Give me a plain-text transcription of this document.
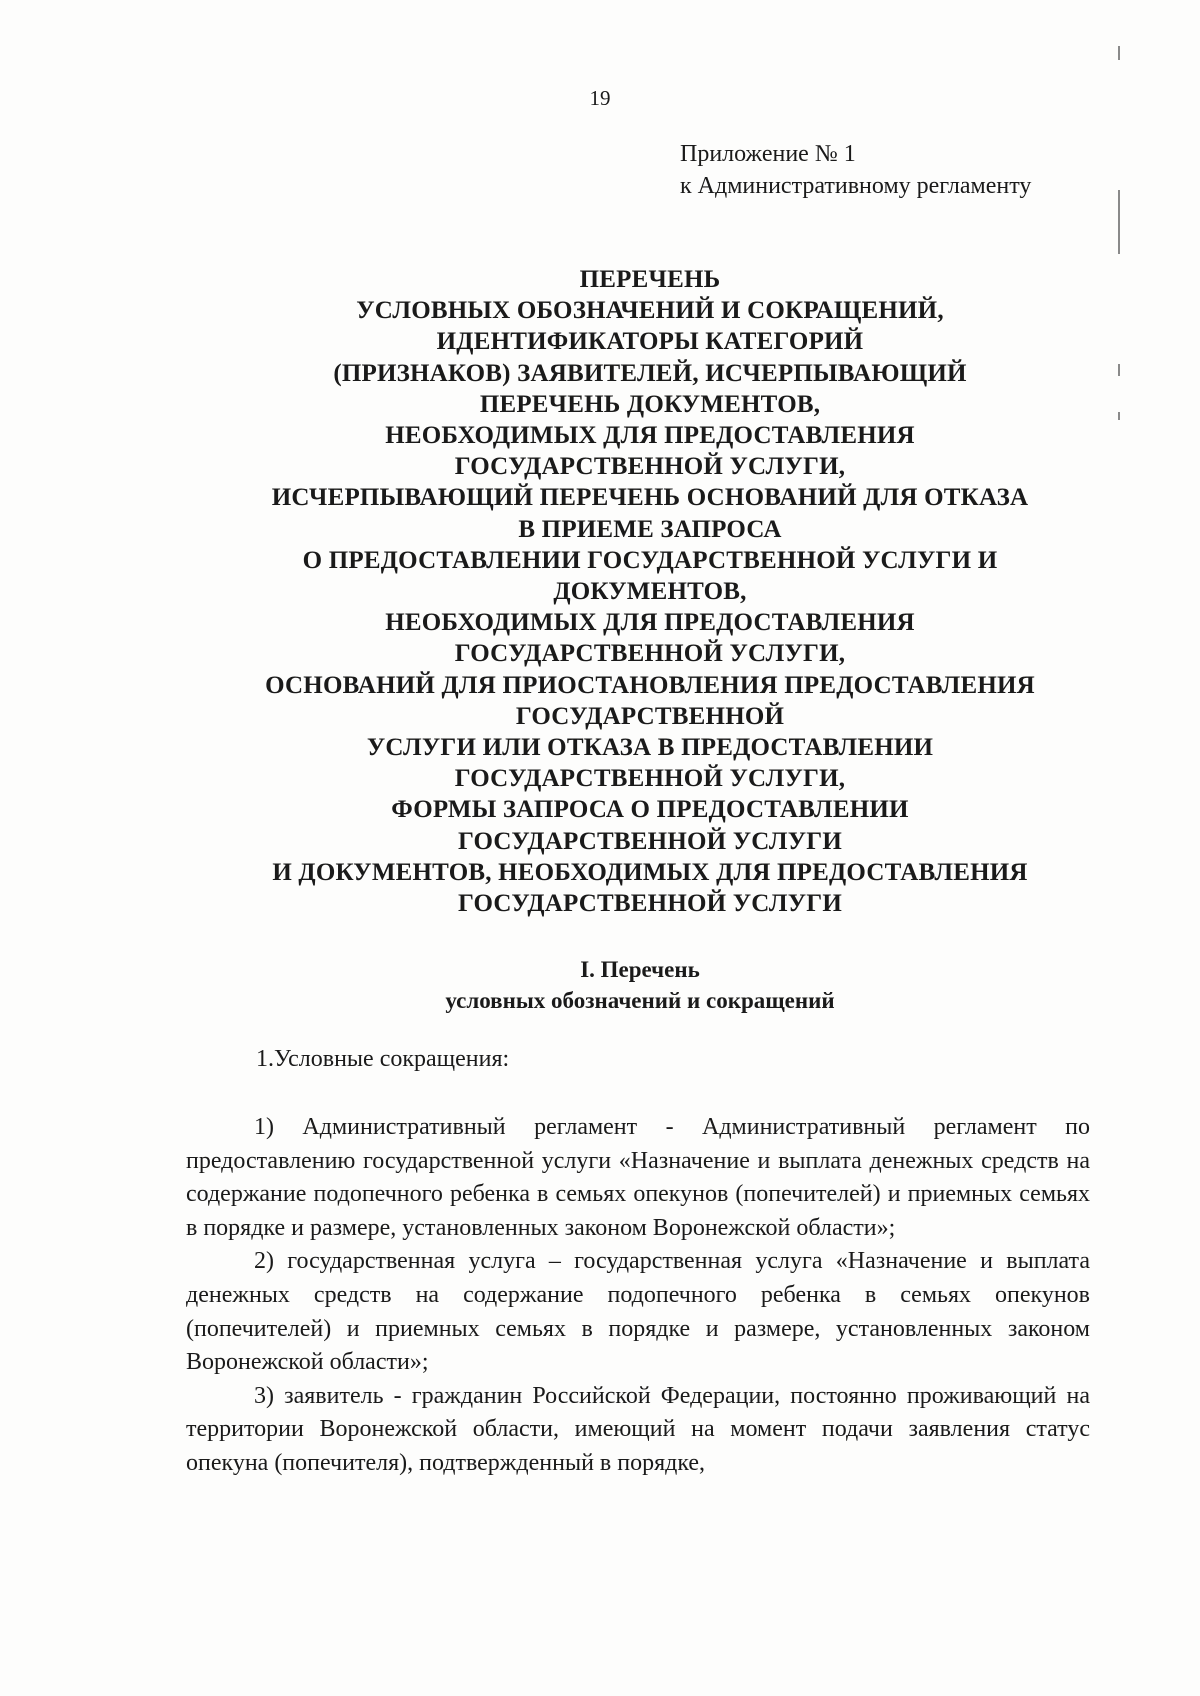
19
Приложение № 1
к Административному регламенту
ПЕРЕЧЕНЬ
УСЛОВНЫХ ОБОЗНАЧЕНИЙ И СОКРАЩЕНИЙ,
ИДЕНТИФИКАТОРЫ КАТЕГОРИЙ
(ПРИЗНАКОВ) ЗАЯВИТЕЛЕЙ, ИСЧЕРПЫВАЮЩИЙ
ПЕРЕЧЕНЬ ДОКУМЕНТОВ,
НЕОБХОДИМЫХ ДЛЯ ПРЕДОСТАВЛЕНИЯ
ГОСУДАРСТВЕННОЙ УСЛУГИ,
ИСЧЕРПЫВАЮЩИЙ ПЕРЕЧЕНЬ ОСНОВАНИЙ ДЛЯ ОТКАЗА
В ПРИЕМЕ ЗАПРОСА
О ПРЕДОСТАВЛЕНИИ ГОСУДАРСТВЕННОЙ УСЛУГИ И
ДОКУМЕНТОВ,
НЕОБХОДИМЫХ ДЛЯ ПРЕДОСТАВЛЕНИЯ
ГОСУДАРСТВЕННОЙ УСЛУГИ,
ОСНОВАНИЙ ДЛЯ ПРИОСТАНОВЛЕНИЯ ПРЕДОСТАВЛЕНИЯ
ГОСУДАРСТВЕННОЙ
УСЛУГИ ИЛИ ОТКАЗА В ПРЕДОСТАВЛЕНИИ
ГОСУДАРСТВЕННОЙ УСЛУГИ,
ФОРМЫ ЗАПРОСА О ПРЕДОСТАВЛЕНИИ
ГОСУДАРСТВЕННОЙ УСЛУГИ
И ДОКУМЕНТОВ, НЕОБХОДИМЫХ ДЛЯ ПРЕДОСТАВЛЕНИЯ
ГОСУДАРСТВЕННОЙ УСЛУГИ
I. Перечень
условных обозначений и сокращений
1.Условные сокращения:

1) Административный регламент - Административный регламент по предоставлению государственной услуги «Назначение и выплата денежных средств на содержание подопечного ребенка в семьях опекунов (попечителей) и приемных семьях в порядке и размере, установленных законом Воронежской области»;

2) государственная услуга – государственная услуга «Назначение и выплата денежных средств на содержание подопечного ребенка в семьях опекунов (попечителей) и приемных семьях в порядке и размере, установленных законом Воронежской области»;

3) заявитель - гражданин Российской Федерации, постоянно проживающий на территории Воронежской области, имеющий на момент подачи заявления статус опекуна (попечителя), подтвержденный в порядке,
